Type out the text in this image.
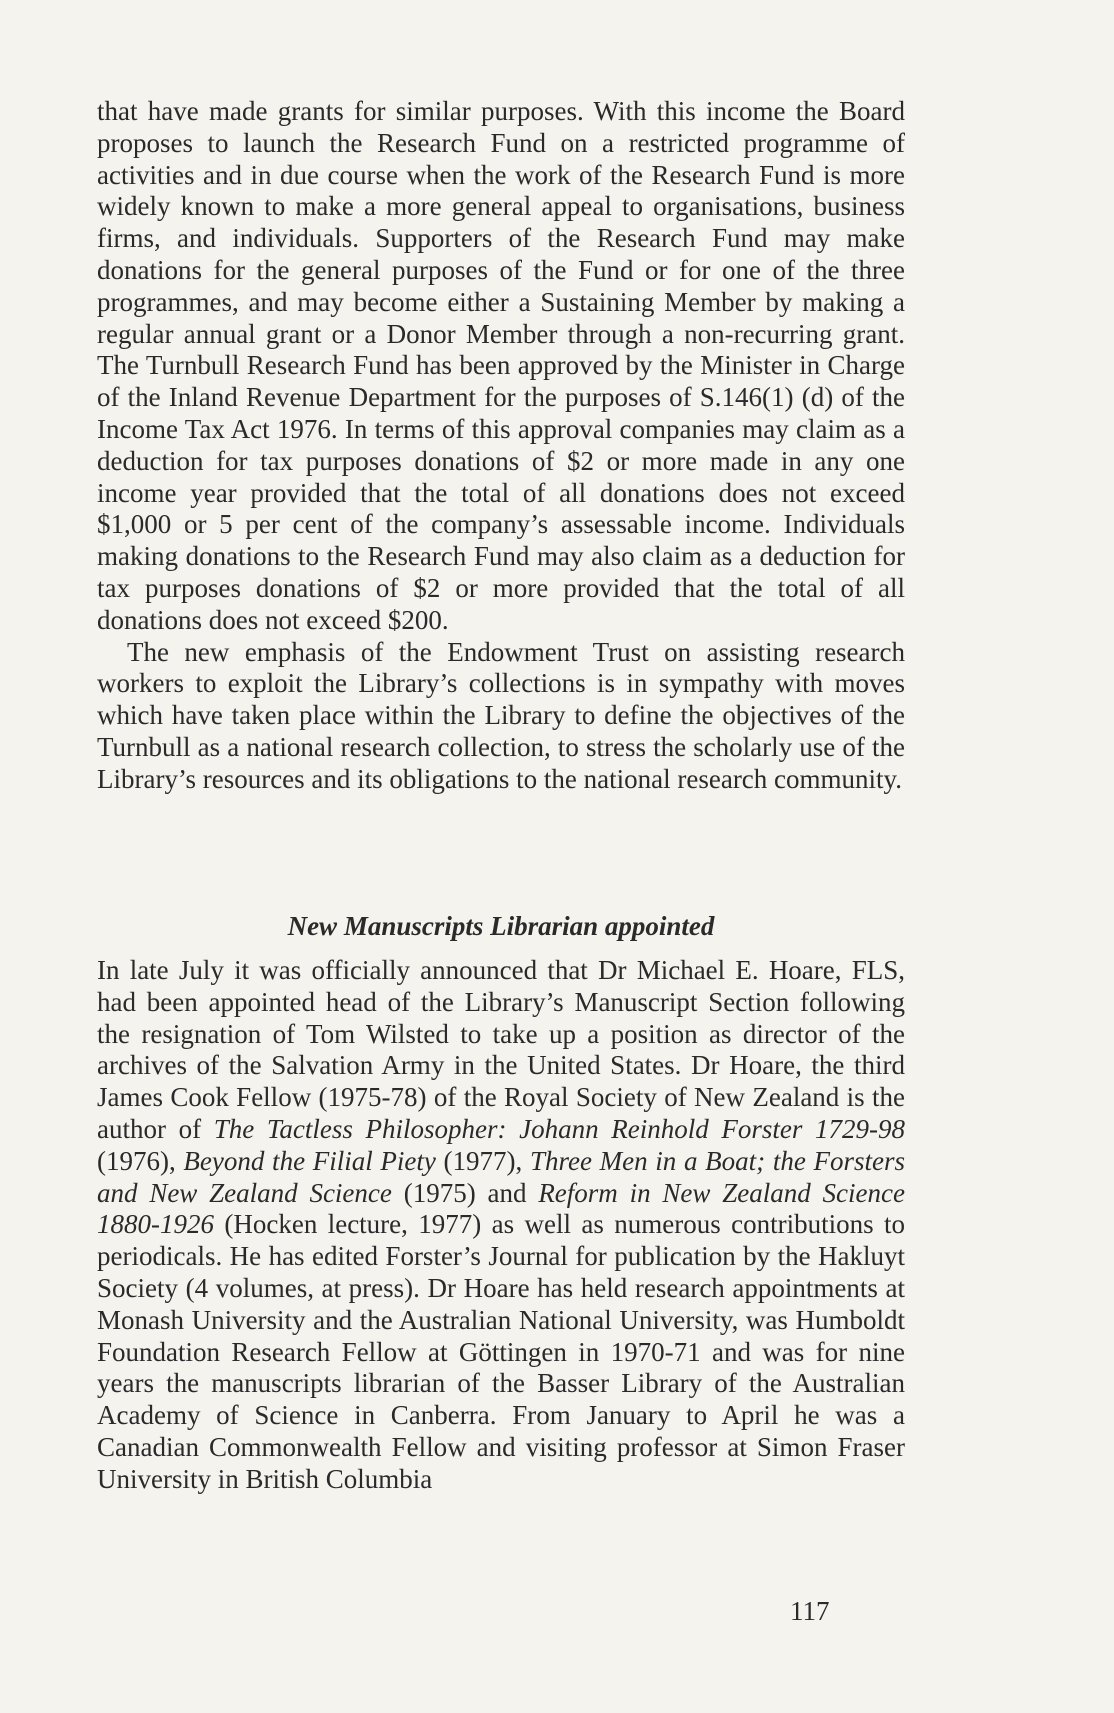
that have made grants for similar purposes. With this income the Board proposes to launch the Research Fund on a restricted programme of activities and in due course when the work of the Research Fund is more widely known to make a more general appeal to organisations, business firms, and individuals. Supporters of the Research Fund may make donations for the general purposes of the Fund or for one of the three programmes, and may become either a Sustaining Member by making a regular annual grant or a Donor Member through a non-recurring grant. The Turnbull Research Fund has been approved by the Minister in Charge of the Inland Revenue Department for the purposes of S.146(1) (d) of the Income Tax Act 1976. In terms of this approval companies may claim as a deduction for tax purposes donations of $2 or more made in any one income year provided that the total of all donations does not exceed $1,000 or 5 per cent of the company’s assessable income. Individuals making donations to the Research Fund may also claim as a deduction for tax purposes donations of $2 or more provided that the total of all donations does not exceed $200.

The new emphasis of the Endowment Trust on assisting research workers to exploit the Library’s collections is in sympathy with moves which have taken place within the Library to define the objectives of the Turnbull as a national research collection, to stress the scholarly use of the Library’s resources and its obligations to the national research community.

New Manuscripts Librarian appointed

In late July it was officially announced that Dr Michael E. Hoare, FLS, had been appointed head of the Library’s Manuscript Section following the resignation of Tom Wilsted to take up a position as director of the archives of the Salvation Army in the United States. Dr Hoare, the third James Cook Fellow (1975-78) of the Royal Society of New Zealand is the author of The Tactless Philosopher: Johann Reinhold Forster 1729-98 (1976), Beyond the Filial Piety (1977), Three Men in a Boat; the Forsters and New Zealand Science (1975) and Reform in New Zealand Science 1880-1926 (Hocken lecture, 1977) as well as numerous contributions to periodicals. He has edited Forster’s Journal for publication by the Hakluyt Society (4 volumes, at press). Dr Hoare has held research appointments at Monash University and the Australian National University, was Humboldt Foundation Research Fellow at Göttingen in 1970-71 and was for nine years the manuscripts librarian of the Basser Library of the Australian Academy of Science in Canberra. From January to April he was a Canadian Commonwealth Fellow and visiting professor at Simon Fraser University in British Columbia

117
